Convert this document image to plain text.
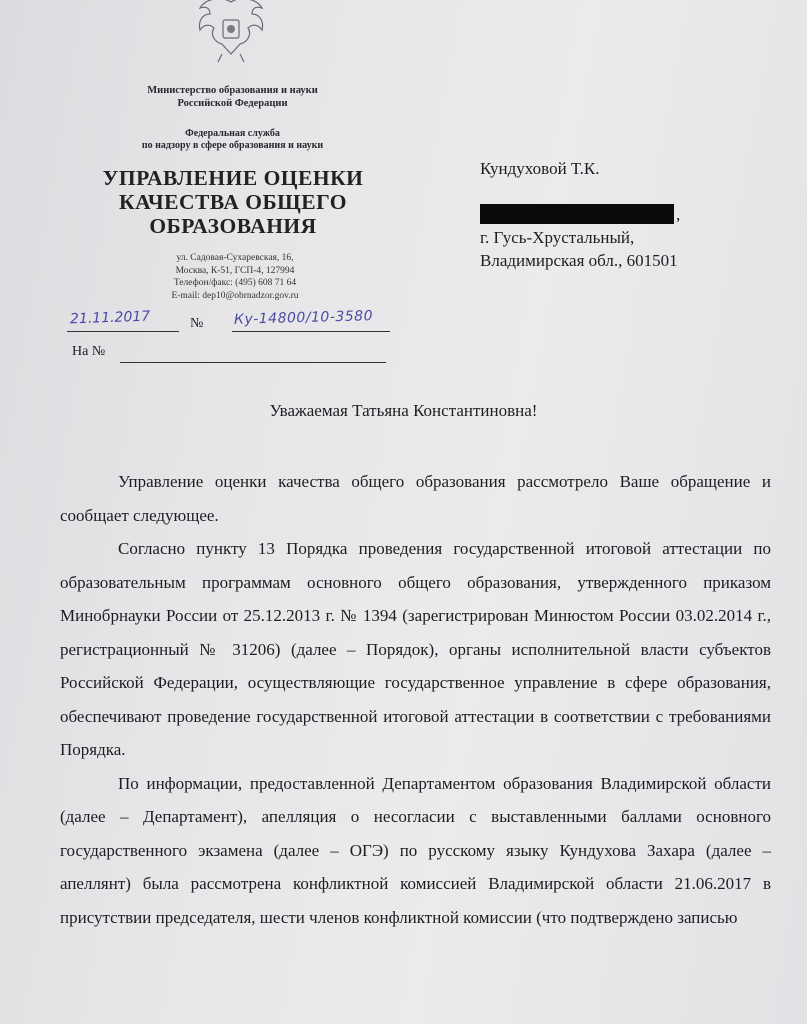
Министерство образования и науки
Российской Федерации
Федеральная служба
по надзору в сфере образования и науки
УПРАВЛЕНИЕ ОЦЕНКИ
КАЧЕСТВА ОБЩЕГО
ОБРАЗОВАНИЯ
ул. Садовая-Сухаревская, 16,
Москва, К-51, ГСП-4, 127994
Телефон/факс: (495) 608 71 64
E-mail: dep10@obrnadzor.gov.ru
21.11.2017	№ Ку-14800/10-3580
На №
Кундуховой Т.К.
,
г. Гусь-Хрустальный,
Владимирская обл., 601501
Уважаемая Татьяна Константиновна!

Управление оценки качества общего образования рассмотрело Ваше обращение и сообщает следующее.

Согласно пункту 13 Порядка проведения государственной итоговой аттестации по образовательным программам основного общего образования, утвержденного приказом Минобрнауки России от 25.12.2013 г. № 1394 (зарегистрирован Минюстом России 03.02.2014 г., регистрационный № 31206) (далее – Порядок), органы исполнительной власти субъектов Российской Федерации, осуществляющие государственное управление в сфере образования, обеспечивают проведение государственной итоговой аттестации в соответствии с требованиями Порядка.

По информации, предоставленной Департаментом образования Владимирской области (далее – Департамент), апелляция о несогласии с выставленными баллами основного государственного экзамена (далее – ОГЭ) по русскому языку Кундухова Захара (далее – апеллянт) была рассмотрена конфликтной комиссией Владимирской области 21.06.2017 в присутствии председателя, шести членов конфликтной комиссии (что подтверждено записью
